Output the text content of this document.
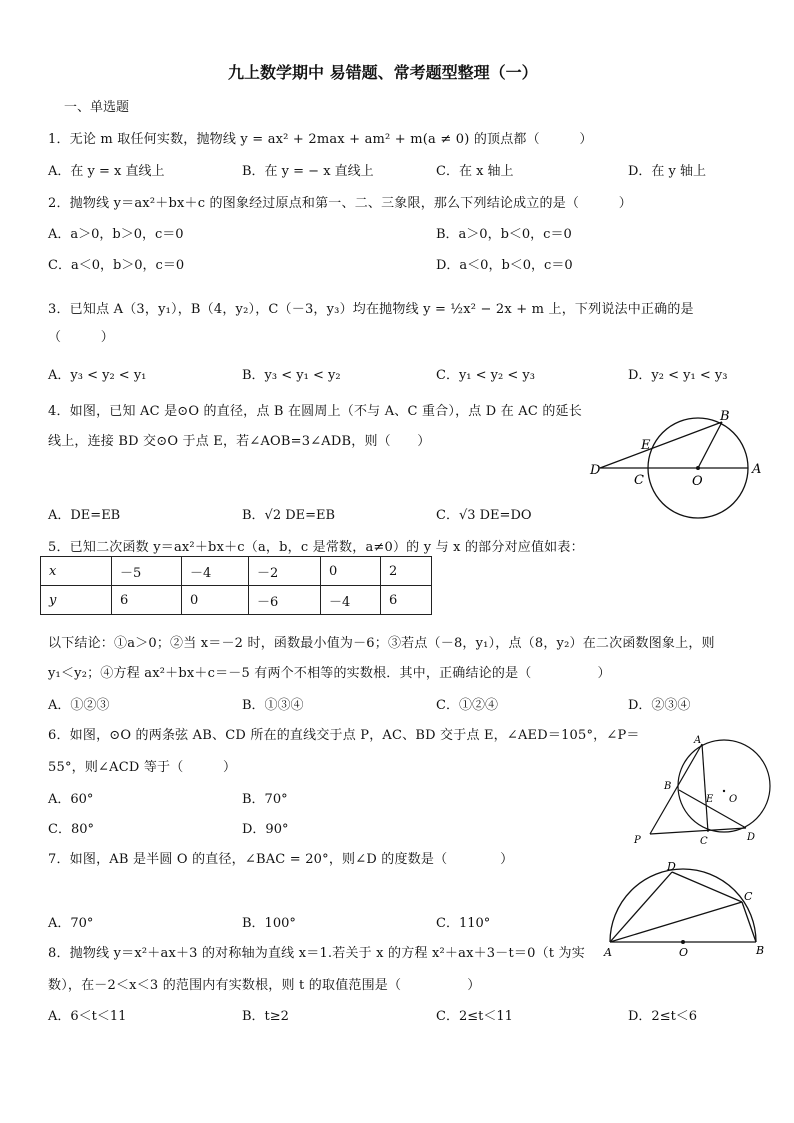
九上数学期中 易错题、常考题型整理（一）
一、单选题
1．无论 m 取任何实数，抛物线 y = ax² + 2max + am² + m(a ≠ 0) 的顶点都（　　　）
A．在 y = x 直线上	B．在 y = − x 直线上	C．在 x 轴上	D．在 y 轴上
2．抛物线 y＝ax²＋bx＋c 的图象经过原点和第一、二、三象限，那么下列结论成立的是（　　　）
A．a＞0，b＞0，c＝0	B．a＞0，b＜0，c＝0
C．a＜0，b＞0，c＝0	D．a＜0，b＜0，c＝0
3．已知点 A（3，y₁），B（4，y₂），C（－3，y₃）均在抛物线 y = ½x² − 2x + m 上，下列说法中正确的是
（　　　）
A．y₃ < y₂ < y₁	B．y₃ < y₁ < y₂	C．y₁ < y₂ < y₃	D．y₂ < y₁ < y₃
4．如图，已知 AC 是⊙O 的直径，点 B 在圆周上（不与 A、C 重合），点 D 在 AC 的延长
线上，连接 BD 交⊙O 于点 E，若∠AOB=3∠ADB，则（　　）
A．DE=EB	B．√2 DE=EB	C．√3 DE=DO
B
E
D
C	O
A
5．已知二次函数 y＝ax²＋bx＋c（a，b，c 是常数，a≠0）的 y 与 x 的部分对应值如表：
x	－5	－4	－2	0	2
y	6	0	－6	－4	6
以下结论：①a＞0；②当 x＝－2 时，函数最小值为－6；③若点（－8，y₁），点（8，y₂）在二次函数图象上，则
y₁＜y₂；④方程 ax²＋bx＋c＝－5 有两个不相等的实数根．其中，正确结论的是（　　　　　）
A．①②③	B．①③④	C．①②④	D．②③④
6．如图，⊙O 的两条弦 AB、CD 所在的直线交于点 P，AC、BD 交于点 E，∠AED＝105°，∠P＝
55°，则∠ACD 等于（　　　）
A．60°	B．70°
C．80°	D．90°
A
B
E O
P	C	D
7．如图，AB 是半圆 O 的直径，∠BAC = 20°，则∠D 的度数是（　　　　）
A．70°	B．100°	C．110°
D
C
A	O	B
8．抛物线 y＝x²＋ax＋3 的对称轴为直线 x＝1.若关于 x 的方程 x²＋ax＋3－t＝0（t 为实
数），在－2＜x＜3 的范围内有实数根，则 t 的取值范围是（　　　　　）
A．6＜t＜11	B．t≥2	C．2≤t＜11	D．2≤t＜6
